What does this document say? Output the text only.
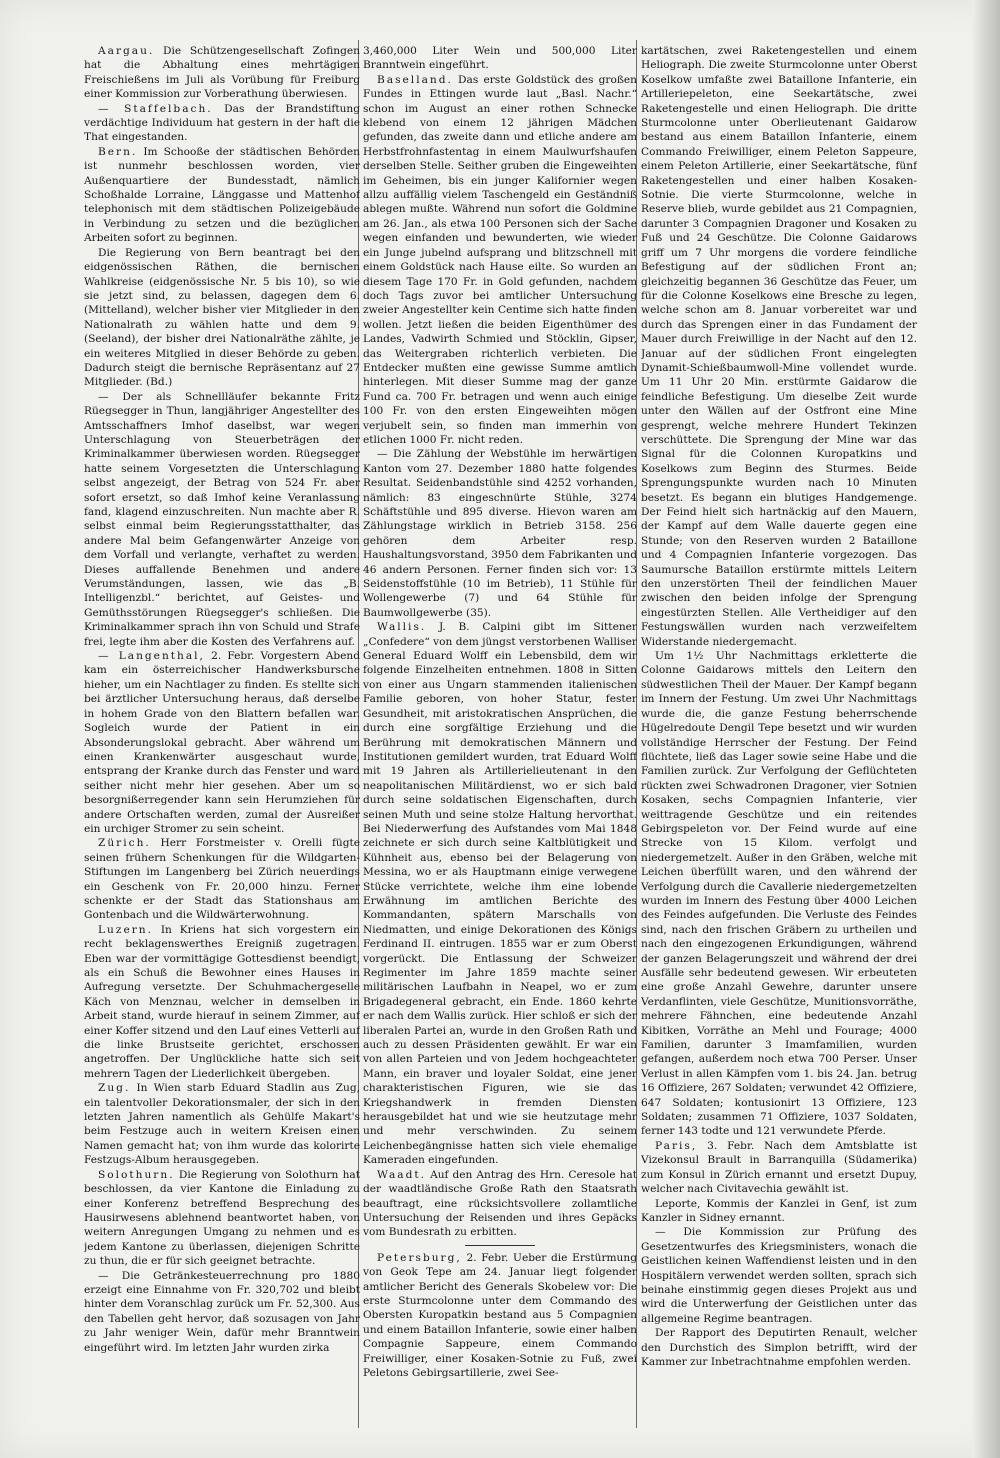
Aargau. Die Schützengesellschaft Zofingen hat die Abhaltung eines mehrtägigen Freischießens im Juli als Vorübung für Freiburg einer Kommission zur Vorberathung überwiesen.

— Staffelbach. Das der Brandstiftung verdächtige Individuum hat gestern in der haft die That eingestanden.

Bern. Im Schooße der städtischen Behörden ist nunmehr beschlossen worden, vier Außenquartiere der Bundesstadt, nämlich Schoßhalde Lorraine, Länggasse und Mattenhof telephonisch mit dem städtischen Polizeigebäude in Verbindung zu setzen und die bezüglichen Arbeiten sofort zu beginnen.

Die Regierung von Bern beantragt bei den eidgenössischen Räthen, die bernischen Wahlkreise (eidgenössische Nr. 5 bis 10), so wie sie jetzt sind, zu belassen, dagegen dem 6. (Mittelland), welcher bisher vier Mitglieder in den Nationalrath zu wählen hatte und dem 9. (Seeland), der bisher drei Nationalräthe zählte, je ein weiteres Mitglied in dieser Behörde zu geben. Dadurch steigt die bernische Repräsentanz auf 27 Mitglieder. (Bd.)

— Der als Schnellläufer bekannte Fritz Rüegsegger in Thun, langjähriger Angestellter des Amtsschaffners Imhof daselbst, war wegen Unterschlagung von Steuerbeträgen der Kriminalkammer überwiesen worden. Rüegsegger hatte seinem Vorgesetzten die Unterschlagung selbst angezeigt, der Betrag von 524 Fr. aber sofort ersetzt, so daß Imhof keine Veranlassung fand, klagend einzuschreiten. Nun machte aber R. selbst einmal beim Regierungsstatthalter, das andere Mal beim Gefangenwärter Anzeige von dem Vorfall und verlangte, verhaftet zu werden. Dieses auffallende Benehmen und andere Verumständungen, lassen, wie das „B. Intelligenzbl.“ berichtet, auf Geistes- und Gemüthsstörungen Rüegsegger's schließen. Die Kriminalkammer sprach ihn von Schuld und Strafe frei, legte ihm aber die Kosten des Verfahrens auf.

— Langenthal, 2. Febr. Vorgestern Abend kam ein österreichischer Handwerksbursche hieher, um ein Nachtlager zu finden. Es stellte sich bei ärztlicher Untersuchung heraus, daß derselbe in hohem Grade von den Blattern befallen war. Sogleich wurde der Patient in ein Absonderungslokal gebracht. Aber während um einen Krankenwärter ausgeschaut wurde, entsprang der Kranke durch das Fenster und ward seither nicht mehr hier gesehen. Aber um so besorgnißerregender kann sein Herumziehen für andere Ortschaften werden, zumal der Ausreißer ein urchiger Stromer zu sein scheint.

Zürich. Herr Forstmeister v. Orelli fügte seinen frühern Schenkungen für die Wildgarten-Stiftungen im Langenberg bei Zürich neuerdings ein Geschenk von Fr. 20,000 hinzu. Ferner schenkte er der Stadt das Stationshaus am Gontenbach und die Wildwärterwohnung.

Luzern. In Kriens hat sich vorgestern ein recht beklagenswerthes Ereigniß zugetragen. Eben war der vormittägige Gottesdienst beendigt, als ein Schuß die Bewohner eines Hauses in Aufregung versetzte. Der Schuhmachergeselle Käch von Menznau, welcher in demselben in Arbeit stand, wurde hierauf in seinem Zimmer, auf einer Koffer sitzend und den Lauf eines Vetterli auf die linke Brustseite gerichtet, erschossen angetroffen. Der Unglückliche hatte sich seit mehrern Tagen der Liederlichkeit übergeben.

Zug. In Wien starb Eduard Stadlin aus Zug, ein talentvoller Dekorationsmaler, der sich in den letzten Jahren namentlich als Gehülfe Makart's beim Festzuge auch in weitern Kreisen einen Namen gemacht hat; von ihm wurde das kolorirte Festzugs-Album herausgegeben.

Solothurn. Die Regierung von Solothurn hat beschlossen, da vier Kantone die Einladung zu einer Konferenz betreffend Besprechung des Hausirwesens ablehnend beantwortet haben, von weitern Anregungen Umgang zu nehmen und es jedem Kantone zu überlassen, diejenigen Schritte zu thun, die er für sich geeignet betrachte.

— Die Getränkesteuerrechnung pro 1880 erzeigt eine Einnahme von Fr. 320,702 und bleibt hinter dem Voranschlag zurück um Fr. 52,300. Aus den Tabellen geht hervor, daß sozusagen von Jahr zu Jahr weniger Wein, dafür mehr Branntwein eingeführt wird. Im letzten Jahr wurden zirka

3,460,000 Liter Wein und 500,000 Liter Branntwein eingeführt.

Baselland. Das erste Goldstück des großen Fundes in Ettingen wurde laut „Basl. Nachr.“ schon im August an einer rothen Schnecke klebend von einem 12 jährigen Mädchen gefunden, das zweite dann und etliche andere am Herbstfrohnfastentag in einem Maulwurfshaufen derselben Stelle. Seither gruben die Eingeweihten im Geheimen, bis ein junger Kalifornier wegen allzu auffällig vielem Taschengeld ein Geständniß ablegen mußte. Während nun sofort die Goldmine am 26. Jan., als etwa 100 Personen sich der Sache wegen einfanden und bewunderten, wie wieder ein Junge jubelnd aufsprang und blitzschnell mit einem Goldstück nach Hause eilte. So wurden an diesem Tage 170 Fr. in Gold gefunden, nachdem doch Tags zuvor bei amtlicher Untersuchung zweier Angestellter kein Centime sich hatte finden wollen. Jetzt ließen die beiden Eigenthümer des Landes, Vadwirth Schmied und Stöcklin, Gipser, das Weitergraben richterlich verbieten. Die Entdecker mußten eine gewisse Summe amtlich hinterlegen. Mit dieser Summe mag der ganze Fund ca. 700 Fr. betragen und wenn auch einige 100 Fr. von den ersten Eingeweihten mögen verjubelt sein, so finden man immerhin von etlichen 1000 Fr. nicht reden.

— Die Zählung der Webstühle im herwärtigen Kanton vom 27. Dezember 1880 hatte folgendes Resultat. Seidenbandstühle sind 4252 vorhanden, nämlich: 83 eingeschnürte Stühle, 3274 Schäftstühle und 895 diverse. Hievon waren am Zählungstage wirklich in Betrieb 3158. 256 gehören dem Arbeiter resp. Haushaltungsvorstand, 3950 dem Fabrikanten und 46 andern Personen. Ferner finden sich vor: 13 Seidenstoffstühle (10 im Betrieb), 11 Stühle für Wollengewerbe (7) und 64 Stühle für Baumwollgewerbe (35).

Wallis. J. B. Calpini gibt im Sittener „Confedere“ von dem jüngst verstorbenen Walliser General Eduard Wolff ein Lebensbild, dem wir folgende Einzelheiten entnehmen. 1808 in Sitten von einer aus Ungarn stammenden italienischen Familie geboren, von hoher Statur, fester Gesundheit, mit aristokratischen Ansprüchen, die durch eine sorgfältige Erziehung und die Berührung mit demokratischen Männern und Institutionen gemildert wurden, trat Eduard Wolff mit 19 Jahren als Artillerielieutenant in den neapolitanischen Militärdienst, wo er sich bald durch seine soldatischen Eigenschaften, durch seinen Muth und seine stolze Haltung hervorthat. Bei Niederwerfung des Aufstandes vom Mai 1848 zeichnete er sich durch seine Kaltblütigkeit und Kühnheit aus, ebenso bei der Belagerung von Messina, wo er als Hauptmann einige verwegene Stücke verrichtete, welche ihm eine lobende Erwähnung im amtlichen Berichte des Kommandanten, spätern Marschalls von Niedmatten, und einige Dekorationen des Königs Ferdinand II. eintrugen. 1855 war er zum Oberst vorgerückt. Die Entlassung der Schweizer Regimenter im Jahre 1859 machte seiner militärischen Laufbahn in Neapel, wo er zum Brigadegeneral gebracht, ein Ende. 1860 kehrte er nach dem Wallis zurück. Hier schloß er sich der liberalen Partei an, wurde in den Großen Rath und auch zu dessen Präsidenten gewählt. Er war ein von allen Parteien und von Jedem hochgeachteter Mann, ein braver und loyaler Soldat, eine jener charakteristischen Figuren, wie sie das Kriegshandwerk in fremden Diensten herausgebildet hat und wie sie heutzutage mehr und mehr verschwinden. Zu seinem Leichenbegängnisse hatten sich viele ehemalige Kameraden eingefunden.

Waadt. Auf den Antrag des Hrn. Ceresole hat der waadtländische Große Rath den Staatsrath beauftragt, eine rücksichtsvollere zollamtliche Untersuchung der Reisenden und ihres Gepäcks vom Bundesrath zu erbitten.

Petersburg, 2. Febr. Ueber die Erstürmung von Geok Tepe am 24. Januar liegt folgender amtlicher Bericht des Generals Skobelew vor: Die erste Sturmcolonne unter dem Commando des Obersten Kuropatkin bestand aus 5 Compagnien und einem Bataillon Infanterie, sowie einer halben Compagnie Sappeure, einem Commando Freiwilliger, einer Kosaken-Sotnie zu Fuß, zwei Peletons Gebirgsartillerie, zwei See-

kartätschen, zwei Raketengestellen und einem Heliograph. Die zweite Sturmcolonne unter Oberst Koselkow umfaßte zwei Bataillone Infanterie, ein Artilleriepeleton, eine Seekartätsche, zwei Raketengestelle und einen Heliograph. Die dritte Sturmcolonne unter Oberlieutenant Gaidarow bestand aus einem Bataillon Infanterie, einem Commando Freiwilliger, einem Peleton Sappeure, einem Peleton Artillerie, einer Seekartätsche, fünf Raketengestellen und einer halben Kosaken-Sotnie. Die vierte Sturmcolonne, welche in Reserve blieb, wurde gebildet aus 21 Compagnien, darunter 3 Compagnien Dragoner und Kosaken zu Fuß und 24 Geschütze. Die Colonne Gaidarows griff um 7 Uhr morgens die vordere feindliche Befestigung auf der südlichen Front an; gleichzeitig begannen 36 Geschütze das Feuer, um für die Colonne Koselkows eine Bresche zu legen, welche schon am 8. Januar vorbereitet war und durch das Sprengen einer in das Fundament der Mauer durch Freiwillige in der Nacht auf den 12. Januar auf der südlichen Front eingelegten Dynamit-Schießbaumwoll-Mine vollendet wurde. Um 11 Uhr 20 Min. erstürmte Gaidarow die feindliche Befestigung. Um dieselbe Zeit wurde unter den Wällen auf der Ostfront eine Mine gesprengt, welche mehrere Hundert Tekinzen verschüttete. Die Sprengung der Mine war das Signal für die Colonnen Kuropatkins und Koselkows zum Beginn des Sturmes. Beide Sprengungspunkte wurden nach 10 Minuten besetzt. Es begann ein blutiges Handgemenge. Der Feind hielt sich hartnäckig auf den Mauern, der Kampf auf dem Walle dauerte gegen eine Stunde; von den Reserven wurden 2 Bataillone und 4 Compagnien Infanterie vorgezogen. Das Saumursche Bataillon erstürmte mittels Leitern den unzerstörten Theil der feindlichen Mauer zwischen den beiden infolge der Sprengung eingestürzten Stellen. Alle Vertheidiger auf den Festungswällen wurden nach verzweifeltem Widerstande niedergemacht.

Um 1½ Uhr Nachmittags erkletterte die Colonne Gaidarows mittels den Leitern den südwestlichen Theil der Mauer. Der Kampf begann im Innern der Festung. Um zwei Uhr Nachmittags wurde die, die ganze Festung beherrschende Hügelredoute Dengil Tepe besetzt und wir wurden vollständige Herrscher der Festung. Der Feind flüchtete, ließ das Lager sowie seine Habe und die Familien zurück. Zur Verfolgung der Geflüchteten rückten zwei Schwadronen Dragoner, vier Sotnien Kosaken, sechs Compagnien Infanterie, vier weittragende Geschütze und ein reitendes Gebirgspeleton vor. Der Feind wurde auf eine Strecke von 15 Kilom. verfolgt und niedergemetzelt. Außer in den Gräben, welche mit Leichen überfüllt waren, und den während der Verfolgung durch die Cavallerie niedergemetzelten wurden im Innern des Festung über 4000 Leichen des Feindes aufgefunden. Die Verluste des Feindes sind, nach den frischen Gräbern zu urtheilen und nach den eingezogenen Erkundigungen, während der ganzen Belagerungszeit und während der drei Ausfälle sehr bedeutend gewesen. Wir erbeuteten eine große Anzahl Gewehre, darunter unsere Verdanflinten, viele Geschütze, Munitionsvorräthe, mehrere Fähnchen, eine bedeutende Anzahl Kibitken, Vorräthe an Mehl und Fourage; 4000 Familien, darunter 3 Imamfamilien, wurden gefangen, außerdem noch etwa 700 Perser. Unser Verlust in allen Kämpfen vom 1. bis 24. Jan. betrug 16 Offiziere, 267 Soldaten; verwundet 42 Offiziere, 647 Soldaten; kontusionirt 13 Offiziere, 123 Soldaten; zusammen 71 Offiziere, 1037 Soldaten, ferner 143 todte und 121 verwundete Pferde.

Paris, 3. Febr. Nach dem Amtsblatte ist Vizekonsul Brault in Barranquilla (Südamerika) zum Konsul in Zürich ernannt und ersetzt Dupuy, welcher nach Civitavechia gewählt ist.

Leporte, Kommis der Kanzlei in Genf, ist zum Kanzler in Sidney ernannt.

— Die Kommission zur Prüfung des Gesetzentwurfes des Kriegsministers, wonach die Geistlichen keinen Waffendienst leisten und in den Hospitälern verwendet werden sollten, sprach sich beinahe einstimmig gegen dieses Projekt aus und wird die Unterwerfung der Geistlichen unter das allgemeine Regime beantragen.

Der Rapport des Deputirten Renault, welcher den Durchstich des Simplon betrifft, wird der Kammer zur Inbetrachtnahme empfohlen werden.
